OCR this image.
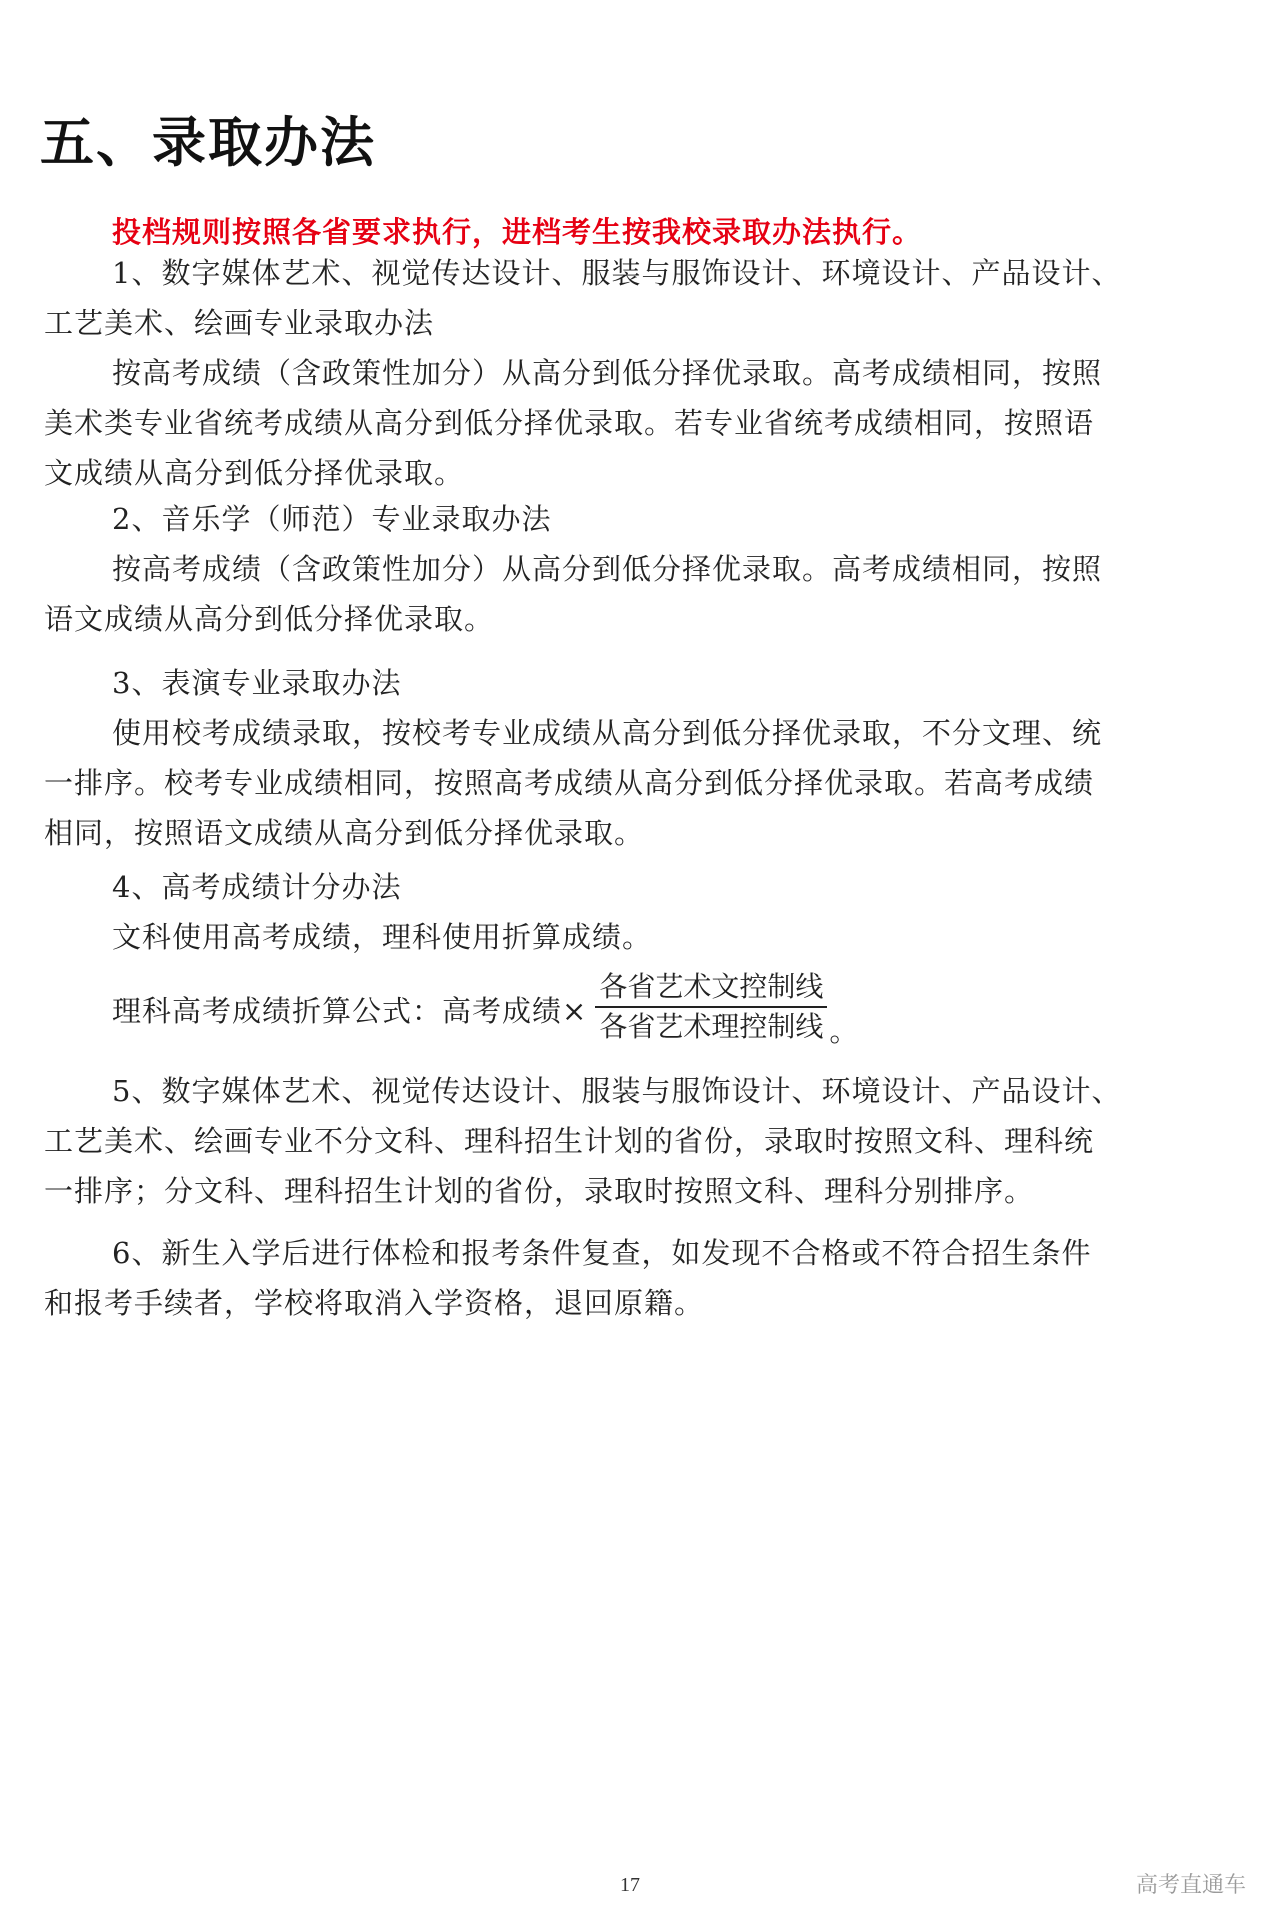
五、录取办法

投档规则按照各省要求执行，进档考生按我校录取办法执行。

1、数字媒体艺术、视觉传达设计、服装与服饰设计、环境设计、产品设计、
工艺美术、绘画专业录取办法
按高考成绩（含政策性加分）从高分到低分择优录取。高考成绩相同，按照
美术类专业省统考成绩从高分到低分择优录取。若专业省统考成绩相同，按照语
文成绩从高分到低分择优录取。
2、音乐学（师范）专业录取办法
按高考成绩（含政策性加分）从高分到低分择优录取。高考成绩相同，按照
语文成绩从高分到低分择优录取。
3、表演专业录取办法
使用校考成绩录取，按校考专业成绩从高分到低分择优录取，不分文理、统
一排序。校考专业成绩相同，按照高考成绩从高分到低分择优录取。若高考成绩
相同，按照语文成绩从高分到低分择优录取。
4、高考成绩计分办法
文科使用高考成绩，理科使用折算成绩。
理科高考成绩折算公式：高考成绩× $\frac{\text{各省艺术文控制线}}{\text{各省艺术理控制线}}$ 。
5、数字媒体艺术、视觉传达设计、服装与服饰设计、环境设计、产品设计、
工艺美术、绘画专业不分文科、理科招生计划的省份，录取时按照文科、理科统
一排序；分文科、理科招生计划的省份，录取时按照文科、理科分别排序。
6、新生入学后进行体检和报考条件复查，如发现不合格或不符合招生条件
和报考手续者，学校将取消入学资格，退回原籍。
17	高考直通车
